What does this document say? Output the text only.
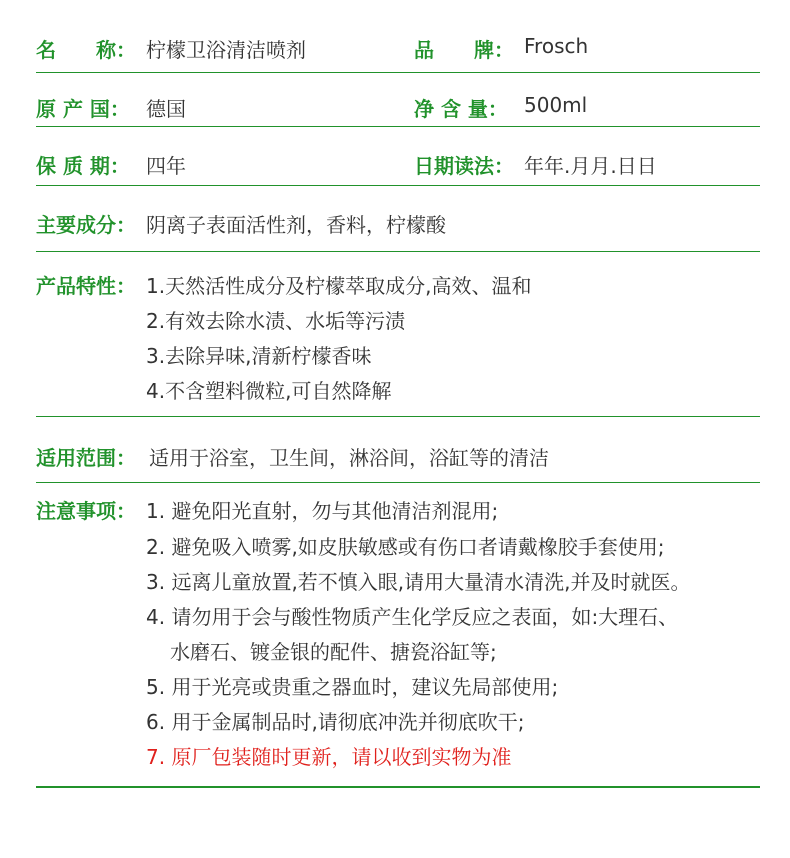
名　　称： 柠檬卫浴清洁喷剂	品　　牌： Frosch
原 产 国： 德国	净 含 量： 500ml
保 质 期： 四年	日期读法： 年年.月月.日日
主要成分： 阴离子表面活性剂，香料，柠檬酸
产品特性： 1.天然活性成分及柠檬萃取成分,高效、温和
2.有效去除水渍、水垢等污渍
3.去除异味,清新柠檬香味
4.不含塑料微粒,可自然降解
适用范围： 适用于浴室，卫生间，淋浴间，浴缸等的清洁
注意事项： 1. 避免阳光直射，勿与其他清洁剂混用;
2. 避免吸入喷雾,如皮肤敏感或有伤口者请戴橡胶手套使用;
3. 远离儿童放置,若不慎入眼,请用大量清水清洗,并及时就医。
4. 请勿用于会与酸性物质产生化学反应之表面，如:大理石、
水磨石、镀金银的配件、搪瓷浴缸等;
5. 用于光亮或贵重之器血时，建议先局部使用;
6. 用于金属制品时,请彻底冲洗并彻底吹干;
7. 原厂包装随时更新，请以收到实物为准
